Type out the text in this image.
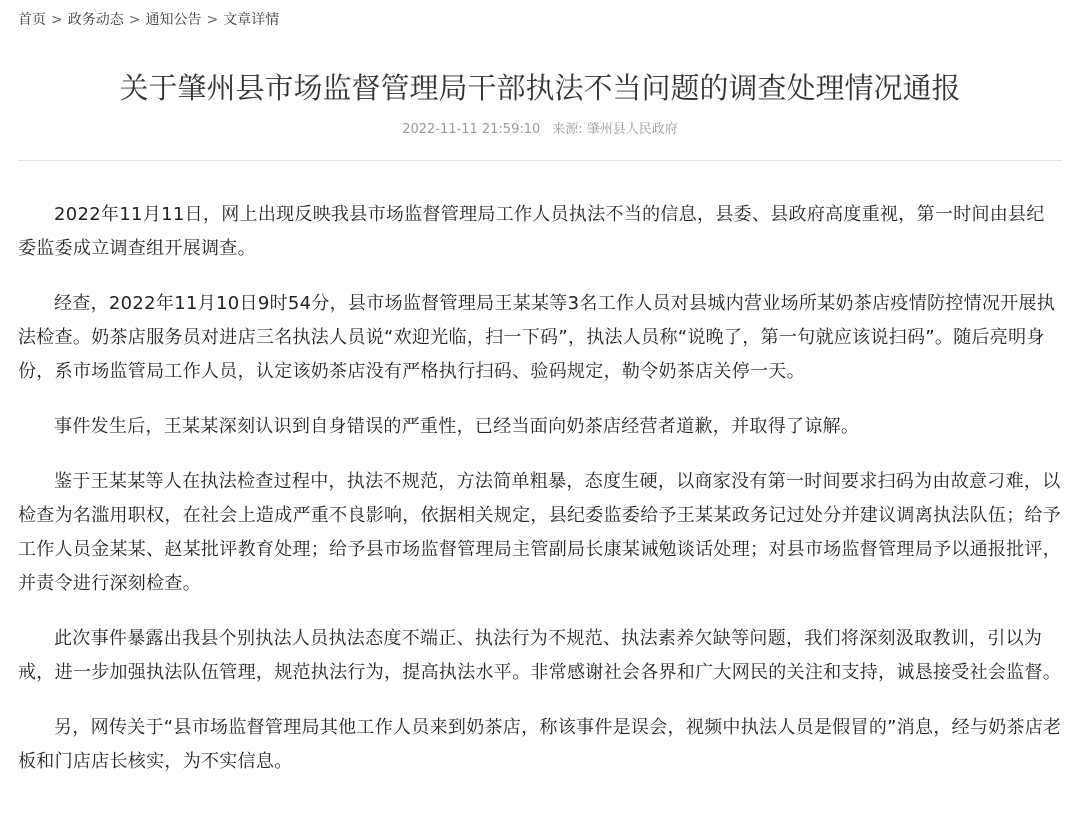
首页 > 政务动态 > 通知公告 > 文章详情
关于肇州县市场监督管理局干部执法不当问题的调查处理情况通报
2022-11-11 21:59:10 来源: 肇州县人民政府

2022年11月11日，网上出现反映我县市场监督管理局工作人员执法不当的信息，县委、县政府高度重视，第一时间由县纪委监委成立调查组开展调查。

经查，2022年11月10日9时54分，县市场监督管理局王某某等3名工作人员对县城内营业场所某奶茶店疫情防控情况开展执法检查。奶茶店服务员对进店三名执法人员说“欢迎光临，扫一下码”，执法人员称“说晚了，第一句就应该说扫码”。随后亮明身份，系市场监管局工作人员，认定该奶茶店没有严格执行扫码、验码规定，勒令奶茶店关停一天。

事件发生后，王某某深刻认识到自身错误的严重性，已经当面向奶茶店经营者道歉，并取得了谅解。

鉴于王某某等人在执法检查过程中，执法不规范，方法简单粗暴，态度生硬，以商家没有第一时间要求扫码为由故意刁难，以检查为名滥用职权，在社会上造成严重不良影响，依据相关规定，县纪委监委给予王某某政务记过处分并建议调离执法队伍；给予工作人员金某某、赵某批评教育处理；给予县市场监督管理局主管副局长康某诫勉谈话处理；对县市场监督管理局予以通报批评，并责令进行深刻检查。

此次事件暴露出我县个别执法人员执法态度不端正、执法行为不规范、执法素养欠缺等问题，我们将深刻汲取教训，引以为戒，进一步加强执法队伍管理，规范执法行为，提高执法水平。非常感谢社会各界和广大网民的关注和支持，诚恳接受社会监督。

另，网传关于“县市场监督管理局其他工作人员来到奶茶店，称该事件是误会，视频中执法人员是假冒的”消息，经与奶茶店老板和门店店长核实，为不实信息。
